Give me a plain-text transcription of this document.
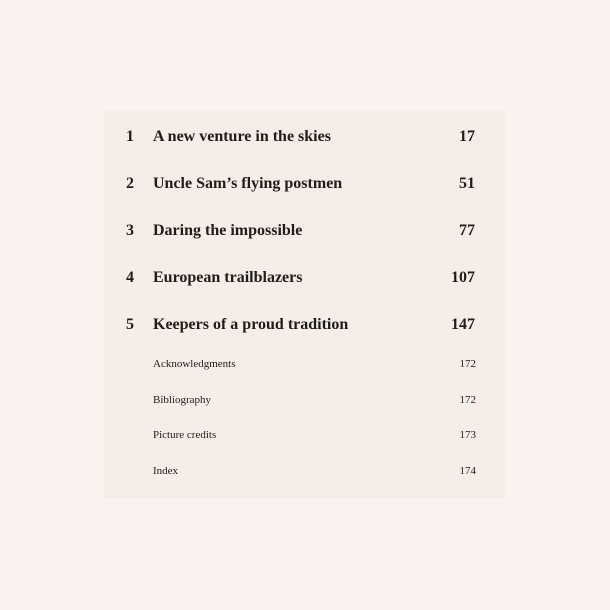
1 A new venture in the skies	17
2 Uncle Sam’s flying postmen	51
3 Daring the impossible	77
4 European trailblazers	107
5 Keepers of a proud tradition	147
Acknowledgments	172
Bibliography	172
Picture credits	173
Index	174
